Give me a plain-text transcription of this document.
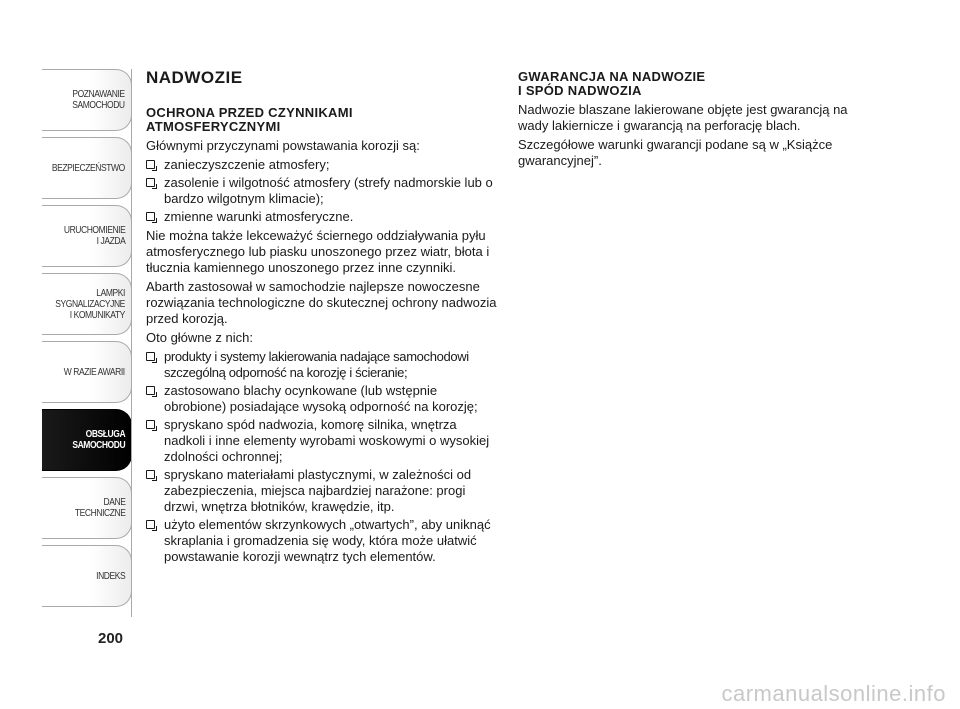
POZNAWANIE
SAMOCHODU
BEZPIECZEŃSTWO
URUCHOMIENIE
I JAZDA
LAMPKI
SYGNALIZACYJNE
I KOMUNIKATY
W RAZIE AWARII
OBSŁUGA
SAMOCHODU
DANE
TECHNICZNE
INDEKS
200
NADWOZIE
OCHRONA PRZED CZYNNIKAMI
ATMOSFERYCZNYMI

Głównymi przyczynami powstawania korozji są:

zanieczyszczenie atmosfery;
zasolenie i wilgotność atmosfery (strefy nadmorskie lub o bardzo wilgotnym klimacie);
zmienne warunki atmosferyczne.

Nie można także lekceważyć ściernego oddziaływania pyłu atmosferycznego lub piasku unoszonego przez wiatr, błota i tłucznia kamiennego unoszonego przez inne czynniki.

Abarth zastosował w samochodzie najlepsze nowoczesne rozwiązania technologiczne do skutecznej ochrony nadwozia przed korozją.

Oto główne z nich:

produkty i systemy lakierowania nadające samochodowi szczególną odporność na korozję i ścieranie;
zastosowano blachy ocynkowane (lub wstępnie obrobione) posiadające wysoką odporność na korozję;
spryskano spód nadwozia, komorę silnika, wnętrza nadkoli i inne elementy wyrobami woskowymi o wysokiej zdolności ochronnej;
spryskano materiałami plastycznymi, w zależności od zabezpieczenia, miejsca najbardziej narażone: progi drzwi, wnętrza błotników, krawędzie, itp.
użyto elementów skrzynkowych „otwartych”, aby uniknąć skraplania i gromadzenia się wody, która może ułatwić powstawanie korozji wewnątrz tych elementów.
GWARANCJA NA NADWOZIE
I SPÓD NADWOZIA

Nadwozie blaszane lakierowane objęte jest gwarancją na wady lakiernicze i gwarancją na perforację blach.

Szczegółowe warunki gwarancji podane są w „Książce gwarancyjnej”.

carmanualsonline.info
